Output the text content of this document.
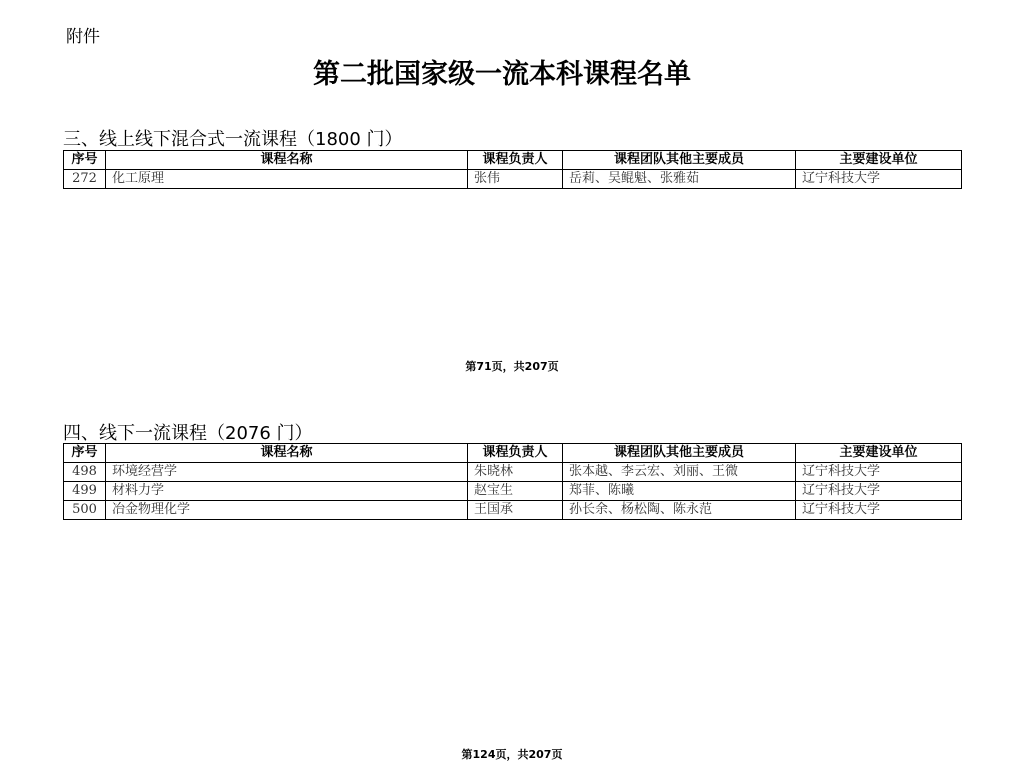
附件
第二批国家级一流本科课程名单
三、线上线下混合式一流课程（1800 门）
序号	课程名称	课程负责人	课程团队其他主要成员	主要建设单位
272	化工原理	张伟	岳莉、吴鲲魁、张雅茹	辽宁科技大学
第71页，共207页
四、线下一流课程（2076 门）
序号	课程名称	课程负责人	课程团队其他主要成员	主要建设单位
498	环境经营学	朱晓林	张本越、李云宏、刘丽、王微	辽宁科技大学
499	材料力学	赵宝生	郑菲、陈曦	辽宁科技大学
500	冶金物理化学	王国承	孙长余、杨松陶、陈永范	辽宁科技大学
第124页，共207页
